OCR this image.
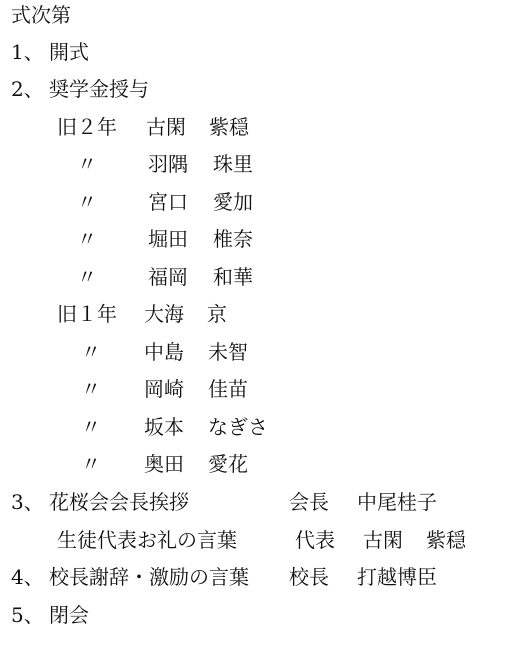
式次第
1、 開式
2、 奨学金授与
旧２年 古閑 紫穏
〃	羽隅 珠里
〃	宮口 愛加
〃	堀田 椎奈
〃	福岡 和華
旧１年 大海 京
〃 中島 未智
〃 岡崎 佳苗
〃 坂本 なぎさ
〃 奥田 愛花
3、 花桜会会長挨拶	会長 中尾桂子
生徒代表お礼の言葉	代表 古閑 紫穏
4、 校長謝辞・激励の言葉 校長 打越博臣
5、 閉会
